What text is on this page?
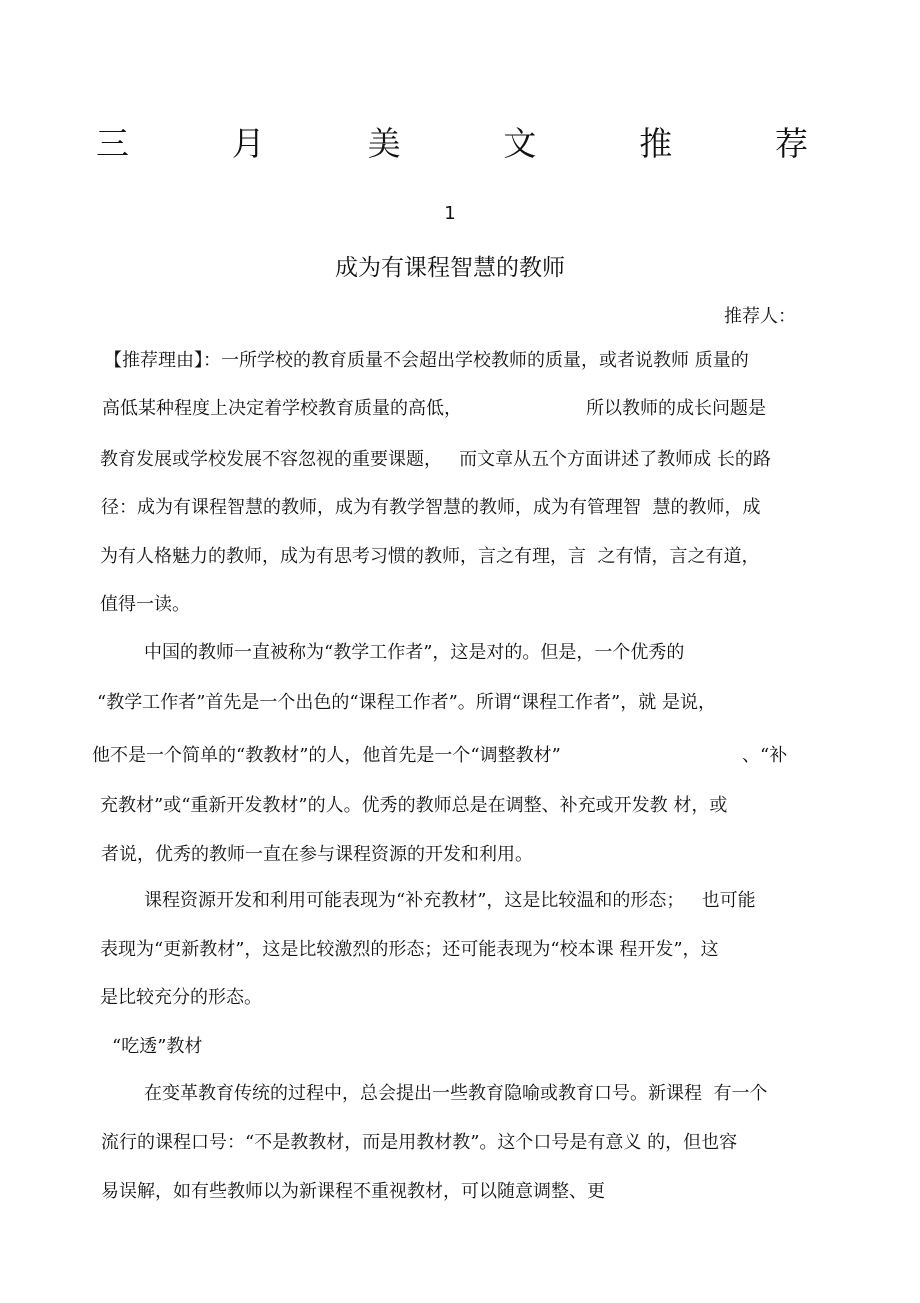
三	月	美	文	推	荐
1
成为有课程智慧的教师
推荐人：
【推荐理由】：一所学校的教育质量不会超出学校教师的质量，或者说教师 质量的
高低某种程度上决定着学校教育质量的高低，	所以教师的成长问题是
教育发展或学校发展不容忽视的重要课题， 而文章从五个方面讲述了教师成 长的路
径：成为有课程智慧的教师，成为有教学智慧的教师，成为有管理智 慧的教师，成
为有人格魅力的教师，成为有思考习惯的教师，言之有理，言 之有情，言之有道，
值得一读。
中国的教师一直被称为“教学工作者”，这是对的。但是，一个优秀的
“教学工作者”首先是一个出色的“课程工作者”。所谓“课程工作者”，就 是说，
他不是一个简单的“教教材”的人，他首先是一个“调整教材”	、“补
充教材”或“重新开发教材”的人。优秀的教师总是在调整、补充或开发教 材，或
者说，优秀的教师一直在参与课程资源的开发和利用。
课程资源开发和利用可能表现为“补充教材”，这是比较温和的形态； 也可能
表现为“更新教材”，这是比较激烈的形态；还可能表现为“校本课 程开发”，这
是比较充分的形态。
“吃透”教材
在变革教育传统的过程中，总会提出一些教育隐喻或教育口号。新课程 有一个
流行的课程口号：“不是教教材，而是用教材教”。这个口号是有意义 的，但也容
易误解，如有些教师以为新课程不重视教材，可以随意调整、更
